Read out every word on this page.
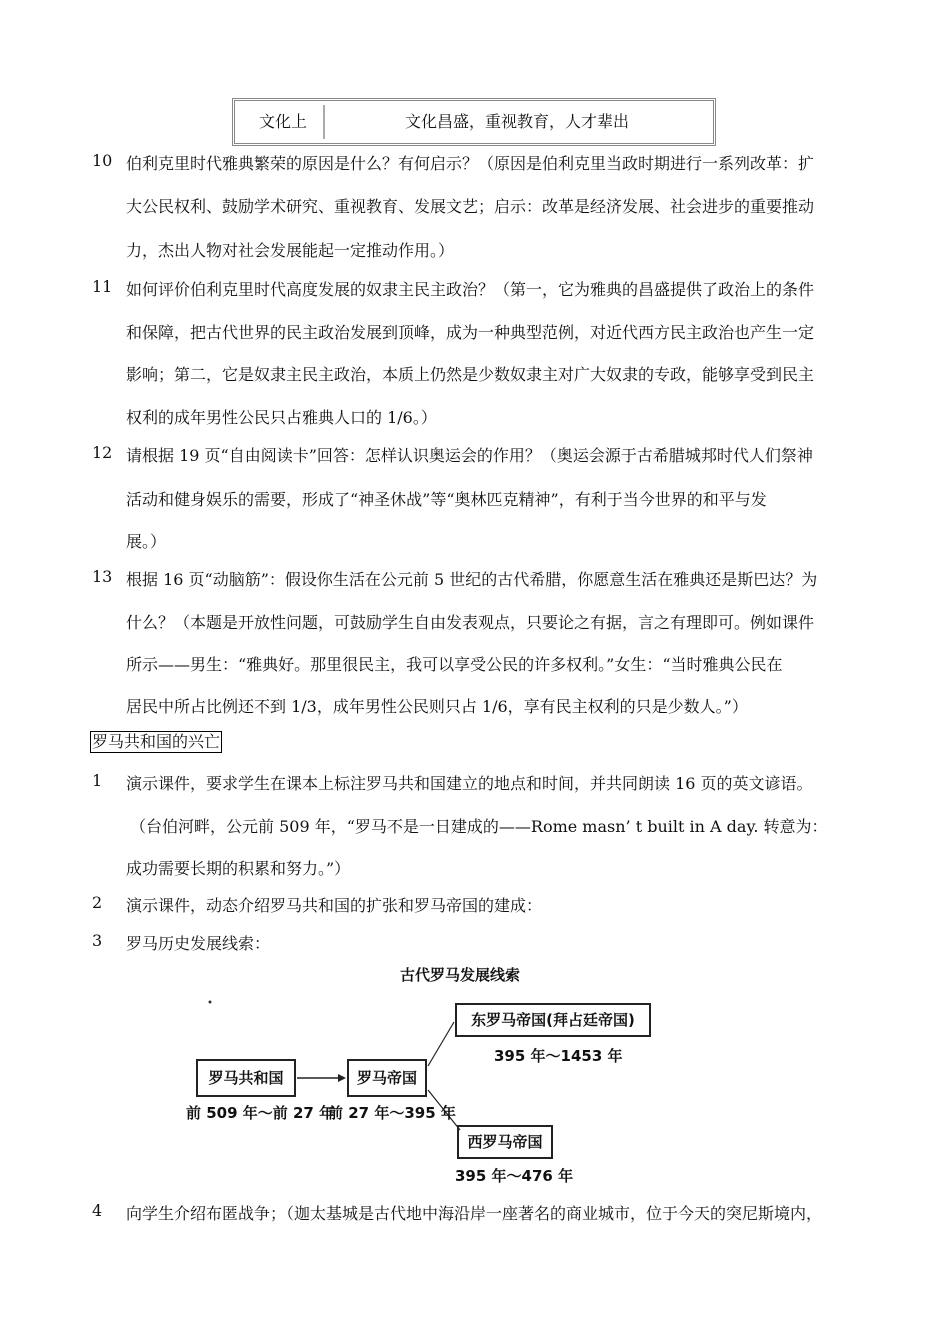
文化上	文化昌盛，重视教育，人才辈出
10 伯利克里时代雅典繁荣的原因是什么？有何启示？（原因是伯利克里当政时期进行一系列改革：扩
大公民权利、鼓励学术研究、重视教育、发展文艺；启示：改革是经济发展、社会进步的重要推动
力，杰出人物对社会发展能起一定推动作用。）
11 如何评价伯利克里时代高度发展的奴隶主民主政治？（第一，它为雅典的昌盛提供了政治上的条件
和保障，把古代世界的民主政治发展到顶峰，成为一种典型范例，对近代西方民主政治也产生一定
影响；第二，它是奴隶主民主政治，本质上仍然是少数奴隶主对广大奴隶的专政，能够享受到民主
权利的成年男性公民只占雅典人口的 1/6。）
12 请根据 19 页“自由阅读卡”回答：怎样认识奥运会的作用？（奥运会源于古希腊城邦时代人们祭神
活动和健身娱乐的需要，形成了“神圣休战”等“奥林匹克精神”，有利于当今世界的和平与发
展。）
13 根据 16 页“动脑筋”：假设你生活在公元前 5 世纪的古代希腊，你愿意生活在雅典还是斯巴达？为
什么？（本题是开放性问题，可鼓励学生自由发表观点，只要论之有据，言之有理即可。例如课件
所示——男生：“雅典好。那里很民主，我可以享受公民的许多权利。”女生：“当时雅典公民在
居民中所占比例还不到 1/3，成年男性公民则只占 1/6，享有民主权利的只是少数人。”）
罗马共和国的兴亡
1	演示课件，要求学生在课本上标注罗马共和国建立的地点和时间，并共同朗读 16 页的英文谚语。
（台伯河畔，公元前 509 年，“罗马不是一日建成的——Rome masn’ t built in A day. 转意为：
成功需要长期的积累和努力。”）
2	演示课件，动态介绍罗马共和国的扩张和罗马帝国的建成：
3	罗马历史发展线索：
古代罗马发展线索
东罗马帝国(拜占廷帝国)
395 年～1453 年
罗马共和国	罗马帝国
前 509 年～前 27 年
前 27 年～395 年
西罗马帝国
395 年～476 年
4	向学生介绍布匿战争；（迦太基城是古代地中海沿岸一座著名的商业城市，位于今天的突尼斯境内，
